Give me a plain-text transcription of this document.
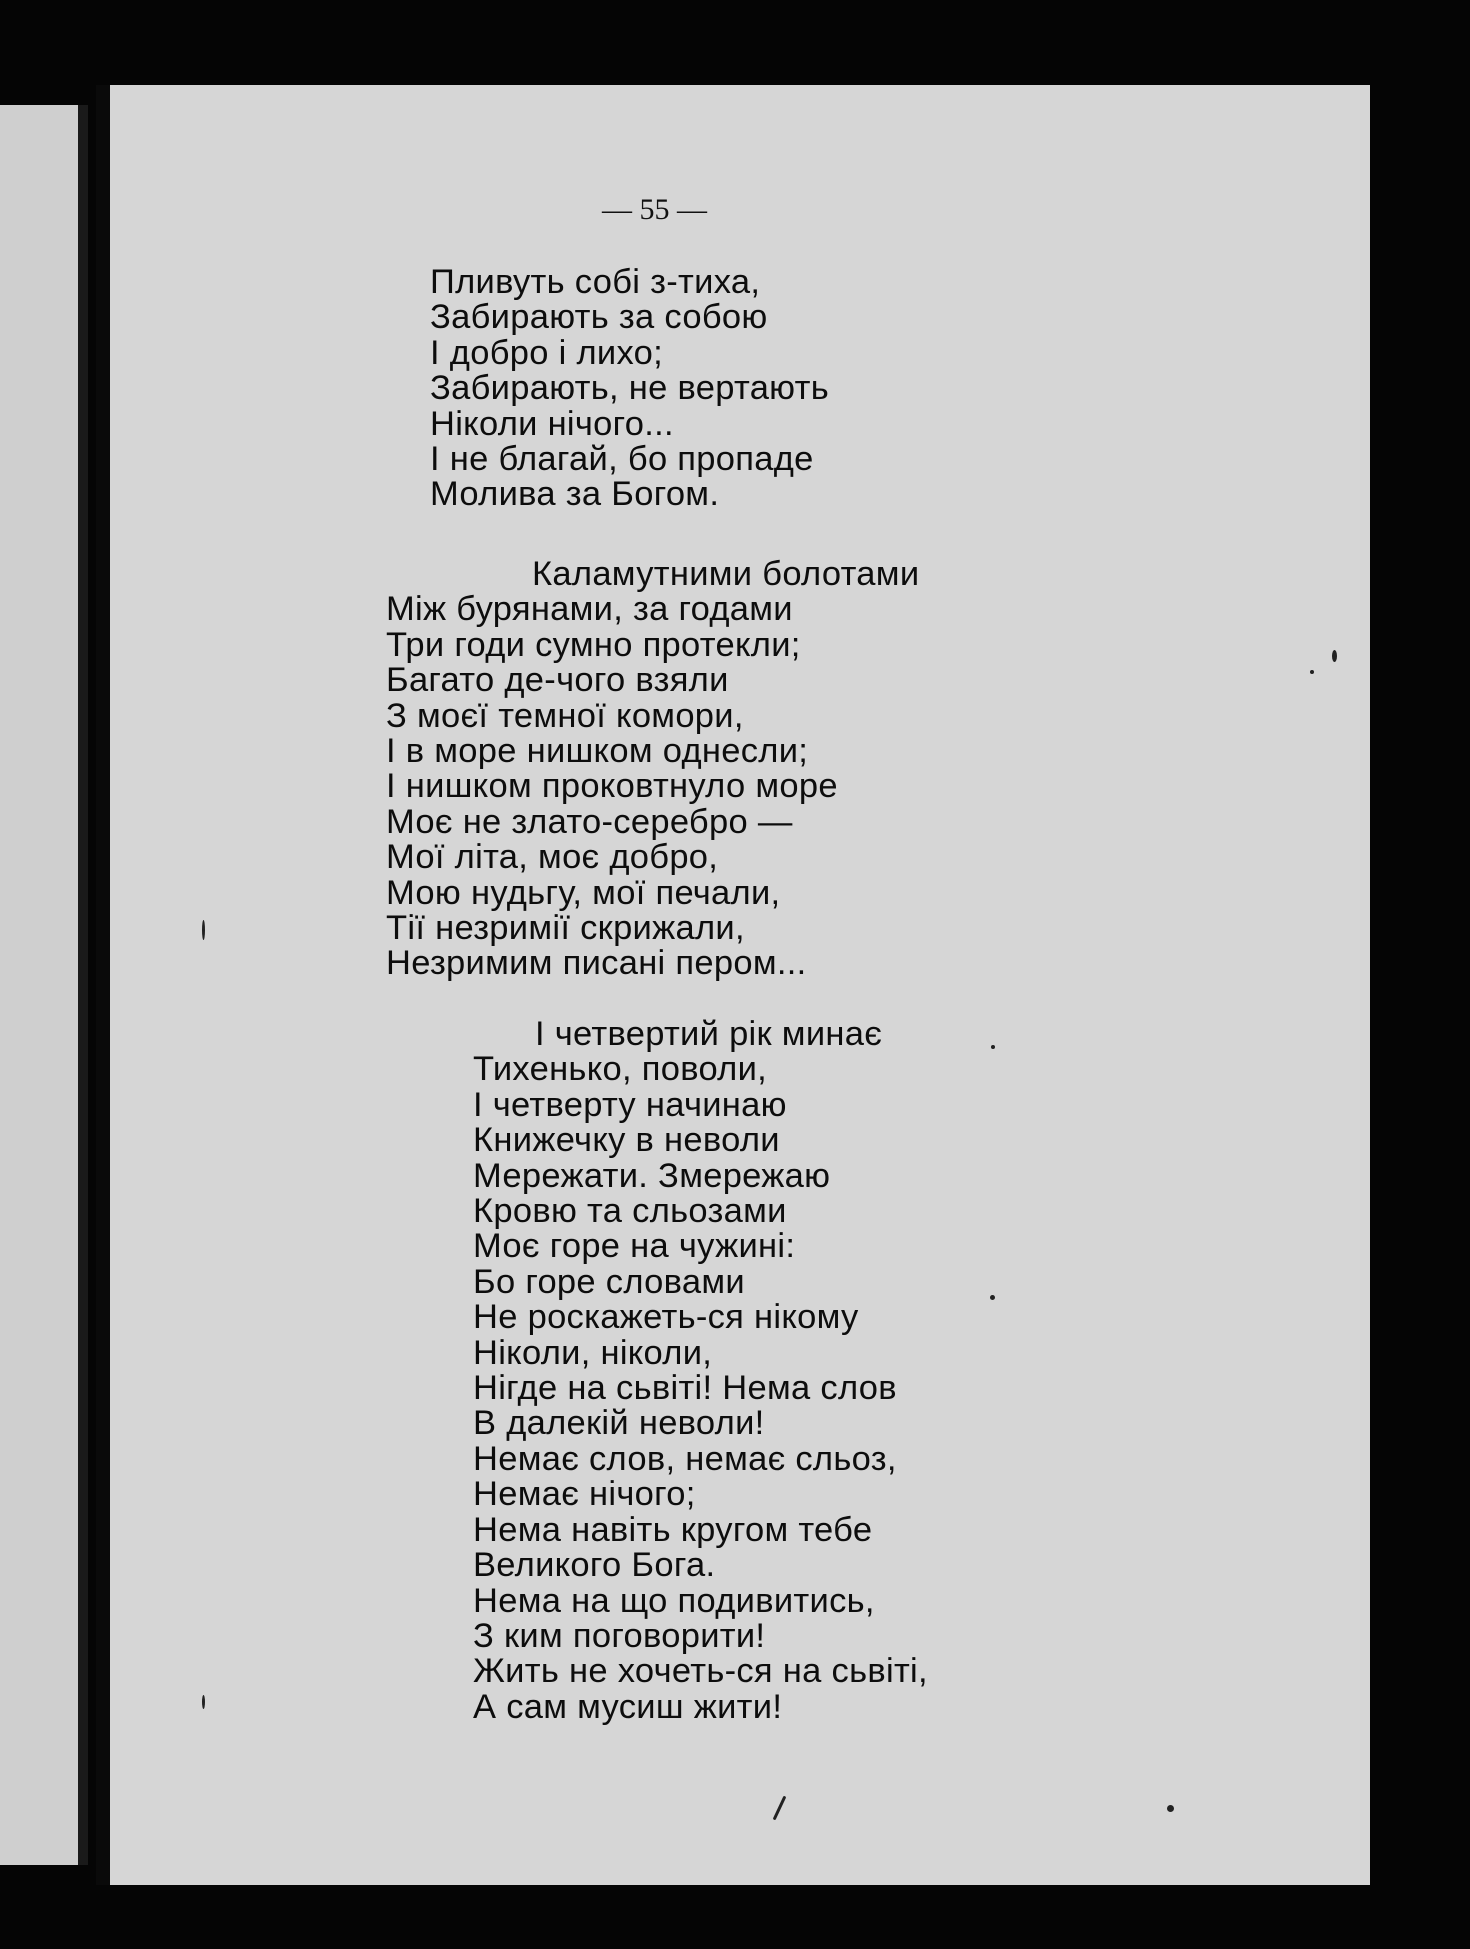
— 55 —
Пливуть собі з-тиха,
Забирають за собою
І добро і лихо;
Забирають, не вертають
Ніколи нічого...
І не благай, бо пропаде
Молива за Богом.
Каламутними болотами
Між бурянами, за годами
Три годи сумно протекли;
Багато де-чого взяли
З моєї темної комори,
І в море нишком однесли;
І нишком проковтнуло море
Моє не злато-серебро —
Мої літа, моє добро,
Мою нудьгу, мої печали,
Тії незримії скрижали,
Незримим писані пером...
І четвертий рік минає
Тихенько, поволи,
І четверту начинаю
Книжечку в неволи
Мережати. Змережаю
Кровю та сльозами
Моє горе на чужині:
Бо горе словами
Не роскажеть-ся нікому
Ніколи, ніколи,
Нігде на сьвіті! Нема слов
В далекій неволи!
Немає слов, немає сльоз,
Немає нічого;
Нема навіть кругом тебе
Великого Бога.
Нема на що подивитись,
З ким поговорити!
Жить не хочеть-ся на сьвіті,
А сам мусиш жити!
